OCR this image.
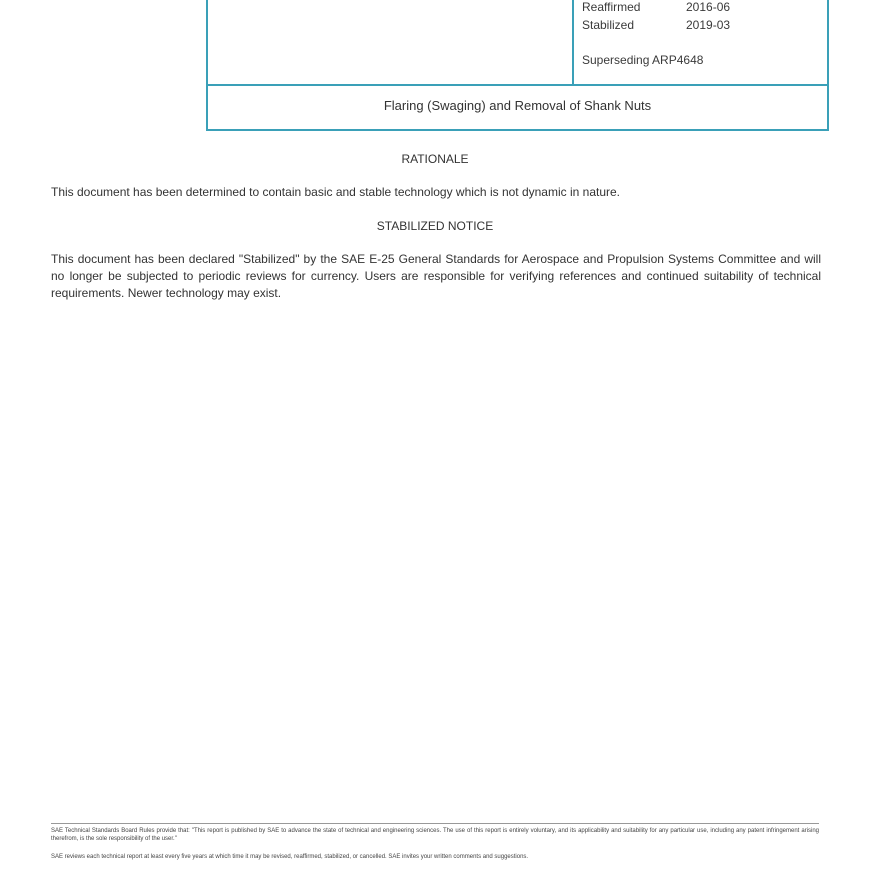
Reaffirmed	2016-06
Stabilized	2019-03
Superseding ARP4648
Flaring (Swaging) and Removal of Shank Nuts
RATIONALE
This document has been determined to contain basic and stable technology which is not dynamic in nature.
STABILIZED NOTICE
This document has been declared "Stabilized" by the SAE E-25 General Standards for Aerospace and Propulsion Systems Committee and will no longer be subjected to periodic reviews for currency. Users are responsible for verifying references and continued suitability of technical requirements. Newer technology may exist.
SAE Technical Standards Board Rules provide that: "This report is published by SAE to advance the state of technical and engineering sciences. The use of this report is entirely voluntary, and its applicability and suitability for any particular use, including any patent infringement arising therefrom, is the sole responsibility of the user."
SAE reviews each technical report at least every five years at which time it may be revised, reaffirmed, stabilized, or cancelled. SAE invites your written comments and suggestions.
